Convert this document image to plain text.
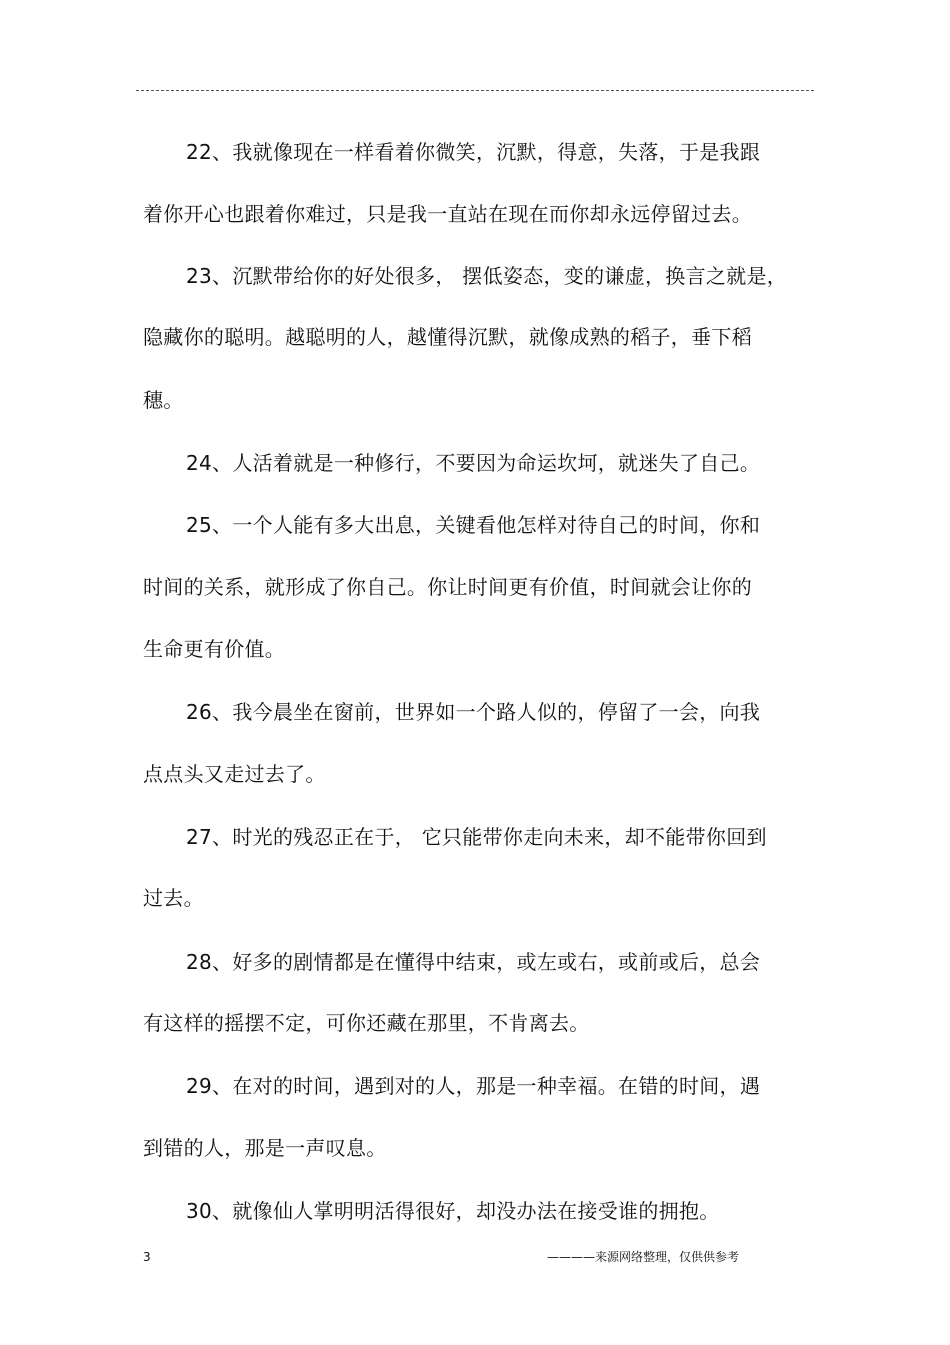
22、我就像现在一样看着你微笑，沉默，得意，失落，于是我跟
着你开心也跟着你难过，只是我一直站在现在而你却永远停留过去。
23、沉默带给你的好处很多， 摆低姿态，变的谦虚，换言之就是，
隐藏你的聪明。越聪明的人，越懂得沉默，就像成熟的稻子，垂下稻
穗。
24、人活着就是一种修行，不要因为命运坎坷，就迷失了自己。
25、一个人能有多大出息，关键看他怎样对待自己的时间，你和
时间的关系，就形成了你自己。你让时间更有价值，时间就会让你的
生命更有价值。
26、我今晨坐在窗前，世界如一个路人似的，停留了一会，向我
点点头又走过去了。
27、时光的残忍正在于， 它只能带你走向未来，却不能带你回到
过去。
28、好多的剧情都是在懂得中结束，或左或右，或前或后，总会
有这样的摇摆不定，可你还藏在那里，不肯离去。
29、在对的时间，遇到对的人，那是一种幸福。在错的时间，遇
到错的人，那是一声叹息。
30、就像仙人掌明明活得很好，却没办法在接受谁的拥抱。
3	————来源网络整理，仅供供参考
